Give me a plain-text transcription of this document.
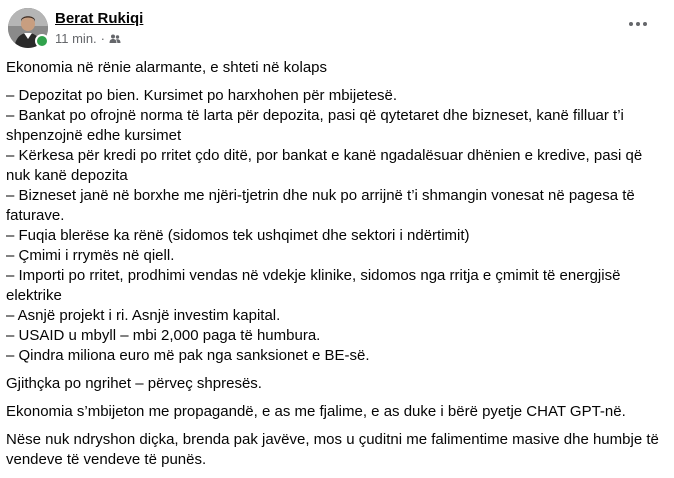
Berat Rukiqi
11 min. ·

Ekonomia në rënie alarmante, e shteti në kolaps

– Depozitat po bien. Kursimet po harxhohen për mbijetesë.

– Bankat po ofrojnë norma të larta për depozita, pasi që qytetaret dhe bizneset, kanë filluar t’i shpenzojnë edhe kursimet

– Kërkesa për kredi po rritet çdo ditë, por bankat e kanë ngadalësuar dhënien e kredive, pasi që nuk kanë depozita

– Bizneset janë në borxhe me njëri-tjetrin dhe nuk po arrijnë t’i shmangin vonesat në pagesa të faturave.

– Fuqia blerëse ka rënë (sidomos tek ushqimet dhe sektori i ndërtimit)

– Çmimi i rrymës në qiell.

– Importi po rritet, prodhimi vendas në vdekje klinike, sidomos nga rritja e çmimit të energjisë elektrike

– Asnjë projekt i ri. Asnjë investim kapital.

– USAID u mbyll – mbi 2,000 paga të humbura.

– Qindra miliona euro më pak nga sanksionet e BE-së.

Gjithçka po ngrihet – përveç shpresës.

Ekonomia s’mbijeton me propagandë, e as me fjalime, e as duke i bërë pyetje CHAT GPT-në.

Nëse nuk ndryshon diçka, brenda pak javëve, mos u çuditni me falimentime masive dhe humbje të vendeve të vendeve të punës.
